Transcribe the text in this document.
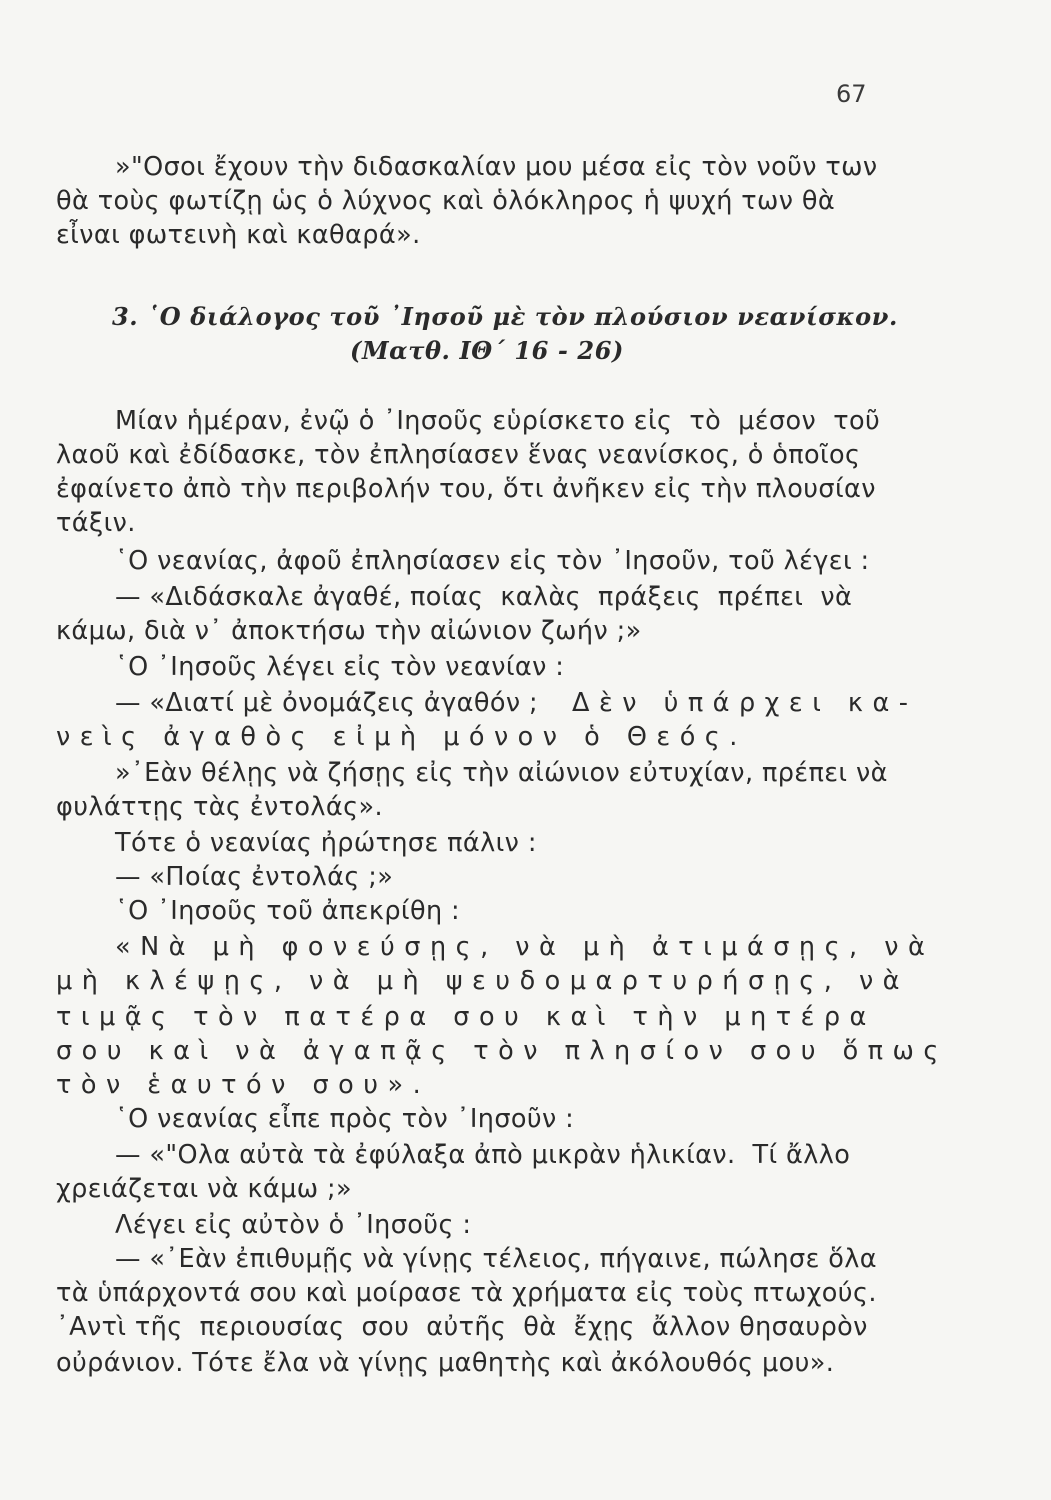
67
»"Οσοι ἔχουν τὴν διδασκαλίαν μου μέσα εἰς τὸν νοῦν των
θὰ τοὺς φωτίζῃ ὡς ὁ λύχνος καὶ ὁλόκληρος ἡ ψυχή των θὰ
εἶναι φωτεινὴ καὶ καθαρά».
3. ῾Ο διάλογος τοῦ ᾿Ιησοῦ μὲ τὸν πλούσιον νεανίσκον.
(Ματθ. ΙΘ΄ 16 - 26)
Μίαν ἡμέραν, ἐνῷ ὁ ᾿Ιησοῦς εὑρίσκετο εἰς  τὸ  μέσον  τοῦ
λαοῦ καὶ ἐδίδασκε, τὸν ἐπλησίασεν ἕνας νεανίσκος, ὁ ὁποῖος
ἐφαίνετο ἀπὸ τὴν περιβολήν του, ὅτι ἀνῆκεν εἰς τὴν πλουσίαν
τάξιν.
῾Ο νεανίας, ἀφοῦ ἐπλησίασεν εἰς τὸν ᾿Ιησοῦν, τοῦ λέγει :
— «Διδάσκαλε ἀγαθέ, ποίας  καλὰς  πράξεις  πρέπει  νὰ
κάμω, διὰ ν᾿ ἀποκτήσω τὴν αἰώνιον ζωήν ;»
῾Ο ᾿Ιησοῦς λέγει εἰς τὸν νεανίαν :
— «Διατί μὲ ὀνομάζεις ἀγαθόν ; Δὲν ὑπάρχει κα-
νεὶς ἀγαθὸς εἰμὴ μόνον ὁ Θεός.
»᾿Εὰν θέλῃς νὰ ζήσῃς εἰς τὴν αἰώνιον εὐτυχίαν, πρέπει νὰ
φυλάττῃς τὰς ἐντολάς».
Τότε ὁ νεανίας ἠρώτησε πάλιν :
— «Ποίας ἐντολάς ;»
῾Ο ᾿Ιησοῦς τοῦ ἀπεκρίθη :
«Νὰ μὴ φονεύσῃς, νὰ μὴ ἀτιμάσῃς, νὰ
μὴ κλέψῃς, νὰ μὴ ψευδομαρτυρήσῃς, νὰ
τιμᾷς τὸν πατέρα σου καὶ τὴν μητέρα
σου καὶ νὰ ἀγαπᾷς τὸν πλησίον σου ὅπως
τὸν ἑαυτόν σου».
῾Ο νεανίας εἶπε πρὸς τὸν ᾿Ιησοῦν :
— «"Ολα αὐτὰ τὰ ἐφύλαξα ἀπὸ μικρὰν ἡλικίαν.  Τί ἄλλο
χρειάζεται νὰ κάμω ;»
Λέγει εἰς αὐτὸν ὁ ᾿Ιησοῦς :
— «᾿Εὰν ἐπιθυμῇς νὰ γίνῃς τέλειος, πήγαινε, πώλησε ὅλα
τὰ ὑπάρχοντά σου καὶ μοίρασε τὰ χρήματα εἰς τοὺς πτωχούς.
᾿Αντὶ τῆς  περιουσίας  σου  αὐτῆς  θὰ  ἔχῃς  ἄλλον θησαυρὸν
οὐράνιον. Τότε ἔλα νὰ γίνῃς μαθητὴς καὶ ἀκόλουθός μου».
